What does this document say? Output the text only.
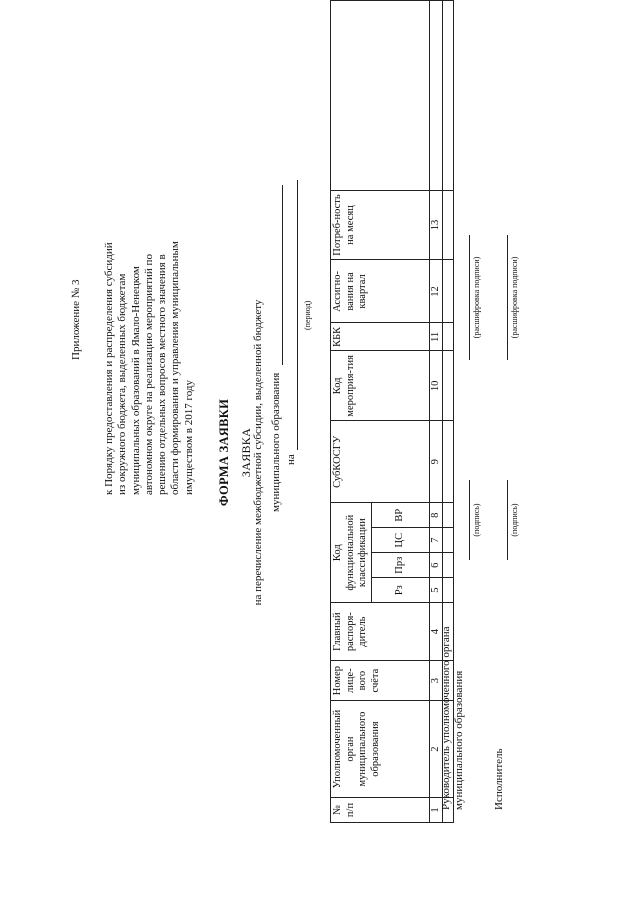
Приложение № 3 к Порядку предоставления и распределения субсидий из окружного бюджета, выделенных бюджетам муниципальных образований в Ямало-Ненецком автономном округе на реализацию мероприятий по решению отдельных вопросов местного значения в области формирования и управления муниципальным имуществом в 2017 году ФОРМА ЗАЯВКИ ЗАЯВКА на перечисление межбюджетной субсидии, выделенной бюджету муниципального образования на
(период)
№ п/п	Уполномоченный орган муниципального образования	Номер лице-вого счёта	Главный распоря-дитель	Код функциональной классификации				СубКОСГУ	Код мероприя-тия	КБК	Ассигно-вания на квартал	Потреб-ность на месяц	
				Рз	Прз	ЦС	ВР						
1	2	3	4	5	6	7	8	9	10	11	12	13	

Руководитель уполномоченного органа муниципального образования
(подпись)
(расшифровка подписи)
Исполнитель
(подпись)
(расшифровка подписи)
